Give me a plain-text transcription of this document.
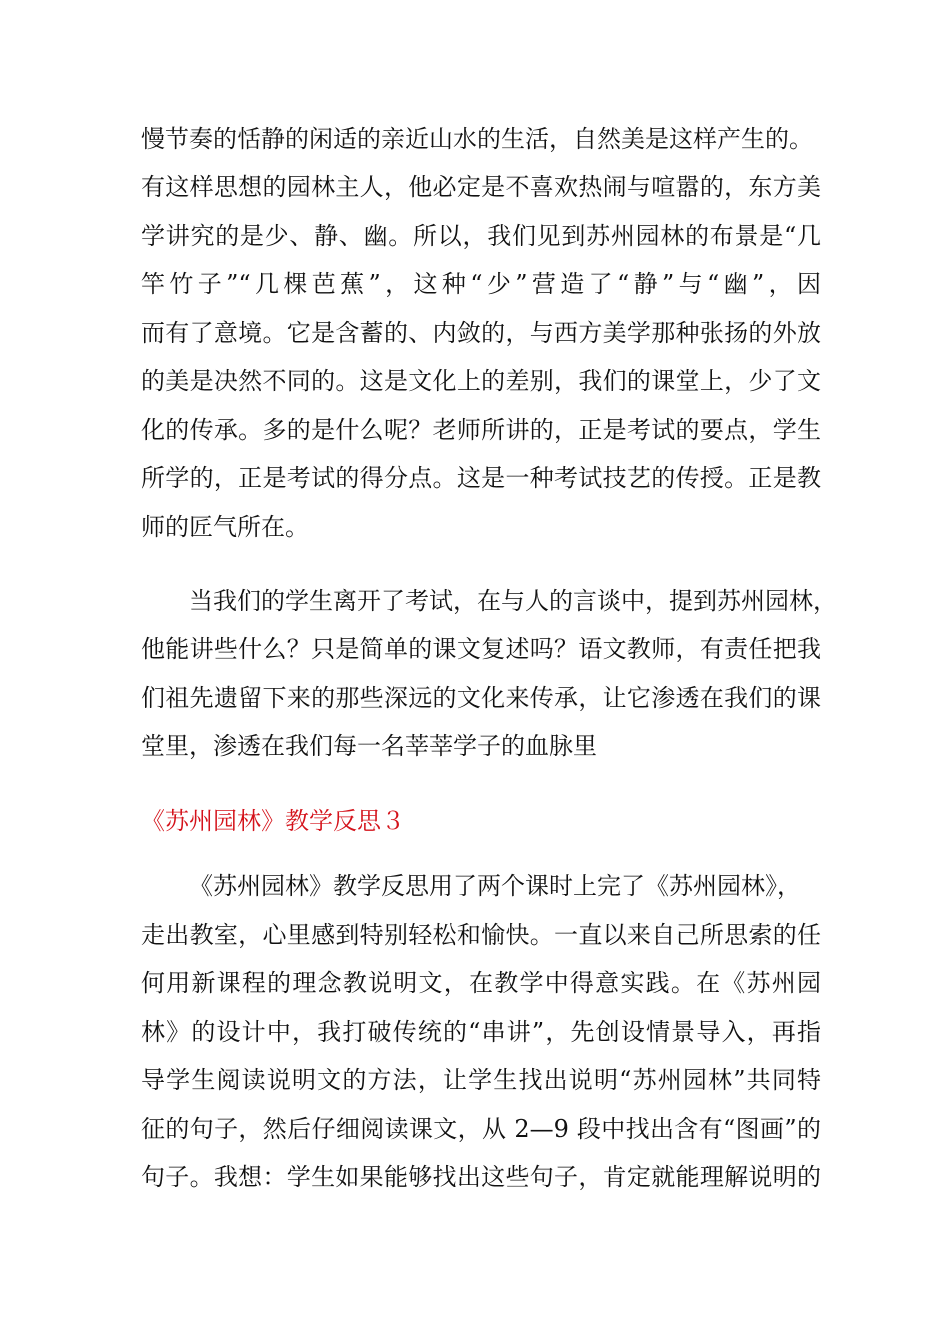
慢节奏的恬静的闲适的亲近山水的生活，自然美是这样产生的。
有这样思想的园林主人，他必定是不喜欢热闹与喧嚣的，东方美
学讲究的是少、静、幽。所以，我们见到苏州园林的布景是“几
竿竹子”“几棵芭蕉”，这种“少”营造了“静”与“幽”，因
而有了意境。它是含蓄的、内敛的，与西方美学那种张扬的外放
的美是决然不同的。这是文化上的差别，我们的课堂上，少了文
化的传承。多的是什么呢？老师所讲的，正是考试的要点，学生
所学的，正是考试的得分点。这是一种考试技艺的传授。正是教
师的匠气所在。
当我们的学生离开了考试，在与人的言谈中，提到苏州园林，
他能讲些什么？只是简单的课文复述吗？语文教师，有责任把我
们祖先遗留下来的那些深远的文化来传承，让它渗透在我们的课
堂里，渗透在我们每一名莘莘学子的血脉里
《苏州园林》教学反思３
《苏州园林》教学反思用了两个课时上完了《苏州园林》，
走出教室，心里感到特别轻松和愉快。一直以来自己所思索的任
何用新课程的理念教说明文，在教学中得意实践。在《苏州园
林》的设计中，我打破传统的“串讲”，先创设情景导入，再指
导学生阅读说明文的方法，让学生找出说明“苏州园林”共同特
征的句子，然后仔细阅读课文，从 2—9 段中找出含有“图画”的
句子。我想：学生如果能够找出这些句子，肯定就能理解说明的
